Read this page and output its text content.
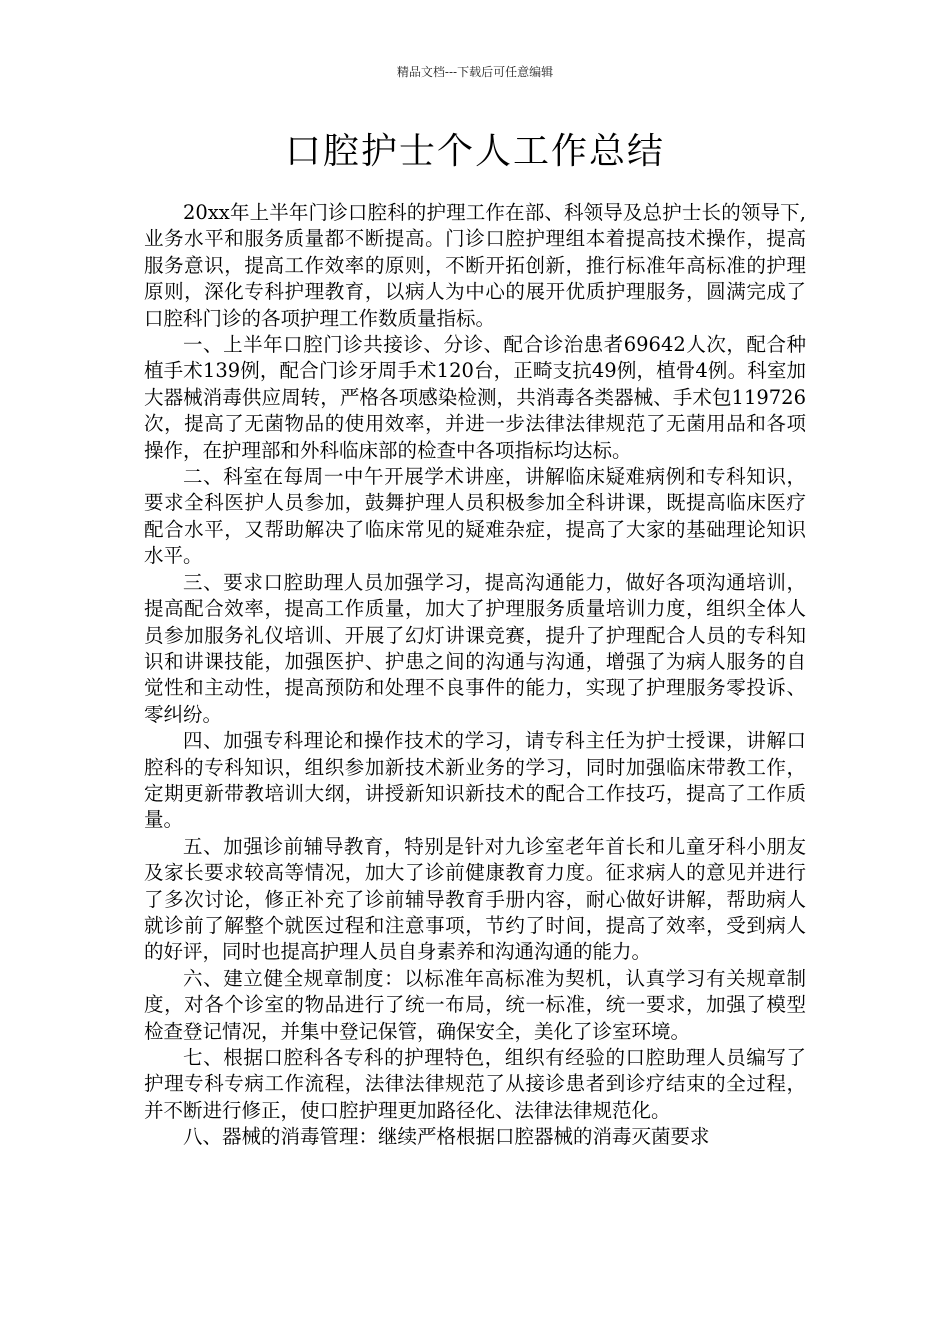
精品文档---下载后可任意编辑
口腔护士个人工作总结

20xx年上半年门诊口腔科的护理工作在部、科领导及总护士长的领导下,业务水平和服务质量都不断提高。门诊口腔护理组本着提高技术操作，提高服务意识，提高工作效率的原则，不断开拓创新，推行标准年高标准的护理原则，深化专科护理教育，以病人为中心的展开优质护理服务，圆满完成了口腔科门诊的各项护理工作数质量指标。

一、上半年口腔门诊共接诊、分诊、配合诊治患者69642人次，配合种植手术139例，配合门诊牙周手术120台，正畸支抗49例，植骨4例。科室加大器械消毒供应周转，严格各项感染检测，共消毒各类器械、手术包119726次，提高了无菌物品的使用效率，并进一步法律法律规范了无菌用品和各项操作，在护理部和外科临床部的检查中各项指标均达标。

二、科室在每周一中午开展学术讲座，讲解临床疑难病例和专科知识，要求全科医护人员参加，鼓舞护理人员积极参加全科讲课，既提高临床医疗配合水平，又帮助解决了临床常见的疑难杂症，提高了大家的基础理论知识水平。

三、要求口腔助理人员加强学习，提高沟通能力，做好各项沟通培训，提高配合效率，提高工作质量，加大了护理服务质量培训力度，组织全体人员参加服务礼仪培训、开展了幻灯讲课竞赛，提升了护理配合人员的专科知识和讲课技能，加强医护、护患之间的沟通与沟通，增强了为病人服务的自觉性和主动性，提高预防和处理不良事件的能力，实现了护理服务零投诉、零纠纷。

四、加强专科理论和操作技术的学习，请专科主任为护士授课，讲解口腔科的专科知识，组织参加新技术新业务的学习，同时加强临床带教工作，定期更新带教培训大纲，讲授新知识新技术的配合工作技巧，提高了工作质量。

五、加强诊前辅导教育，特别是针对九诊室老年首长和儿童牙科小朋友及家长要求较高等情况，加大了诊前健康教育力度。征求病人的意见并进行了多次讨论，修正补充了诊前辅导教育手册内容，耐心做好讲解，帮助病人就诊前了解整个就医过程和注意事项，节约了时间，提高了效率，受到病人的好评，同时也提高护理人员自身素养和沟通沟通的能力。

六、建立健全规章制度：以标准年高标准为契机，认真学习有关规章制度，对各个诊室的物品进行了统一布局，统一标准，统一要求，加强了模型检查登记情况，并集中登记保管，确保安全，美化了诊室环境。

七、根据口腔科各专科的护理特色，组织有经验的口腔助理人员编写了护理专科专病工作流程，法律法律规范了从接诊患者到诊疗结束的全过程，并不断进行修正，使口腔护理更加路径化、法律法律规范化。

八、器械的消毒管理：继续严格根据口腔器械的消毒灭菌要求
